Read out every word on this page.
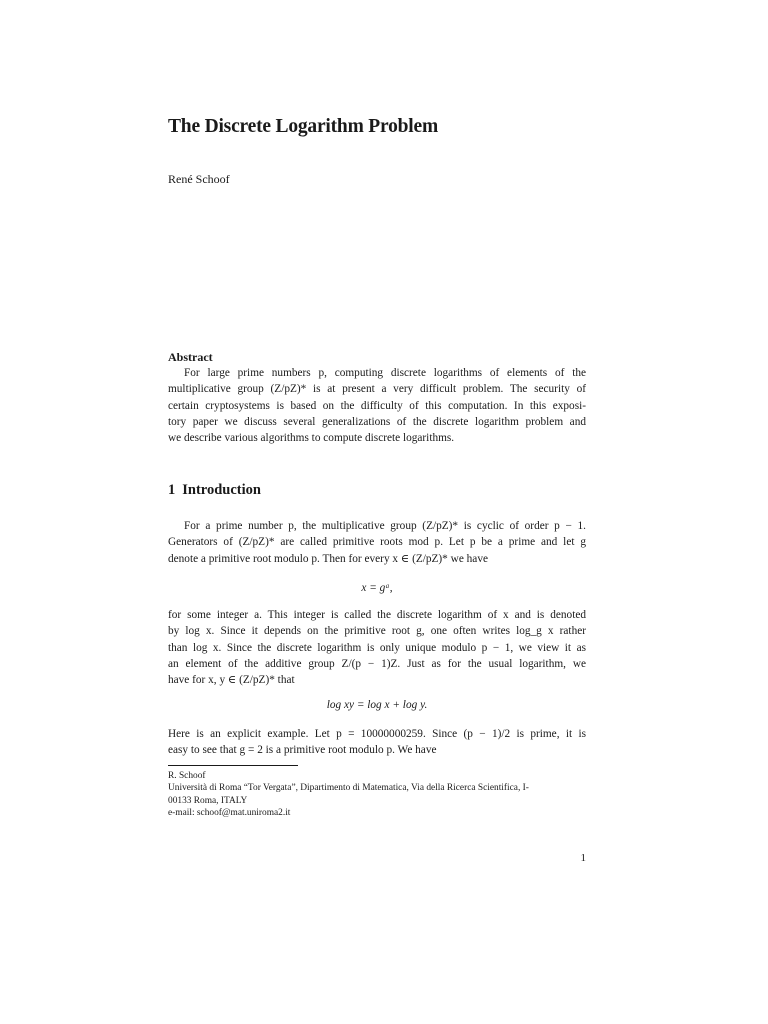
The Discrete Logarithm Problem
René Schoof
Abstract

For large prime numbers p, computing discrete logarithms of elements of the
multiplicative group (Z/pZ)* is at present a very difficult problem. The security of
certain cryptosystems is based on the difficulty of this computation. In this exposi-
tory paper we discuss several generalizations of the discrete logarithm problem and
we describe various algorithms to compute discrete logarithms.

1 Introduction

For a prime number p, the multiplicative group (Z/pZ)* is cyclic of order p − 1.
Generators of (Z/pZ)* are called primitive roots mod p. Let p be a prime and let g
denote a primitive root modulo p. Then for every x ∈ (Z/pZ)* we have

x = gᵃ,

for some integer a. This integer is called the discrete logarithm of x and is denoted
by log x. Since it depends on the primitive root g, one often writes log_g x rather
than log x. Since the discrete logarithm is only unique modulo p − 1, we view it as
an element of the additive group Z/(p − 1)Z. Just as for the usual logarithm, we
have for x, y ∈ (Z/pZ)* that

log xy = log x + log y.

Here is an explicit example. Let p = 10000000259. Since (p − 1)/2 is prime, it is
easy to see that g = 2 is a primitive root modulo p. We have

R. Schoof
Università di Roma “Tor Vergata”, Dipartimento di Matematica, Via della Ricerca Scientifica, I-
00133 Roma, ITALY
e-mail: schoof@mat.uniroma2.it
1
